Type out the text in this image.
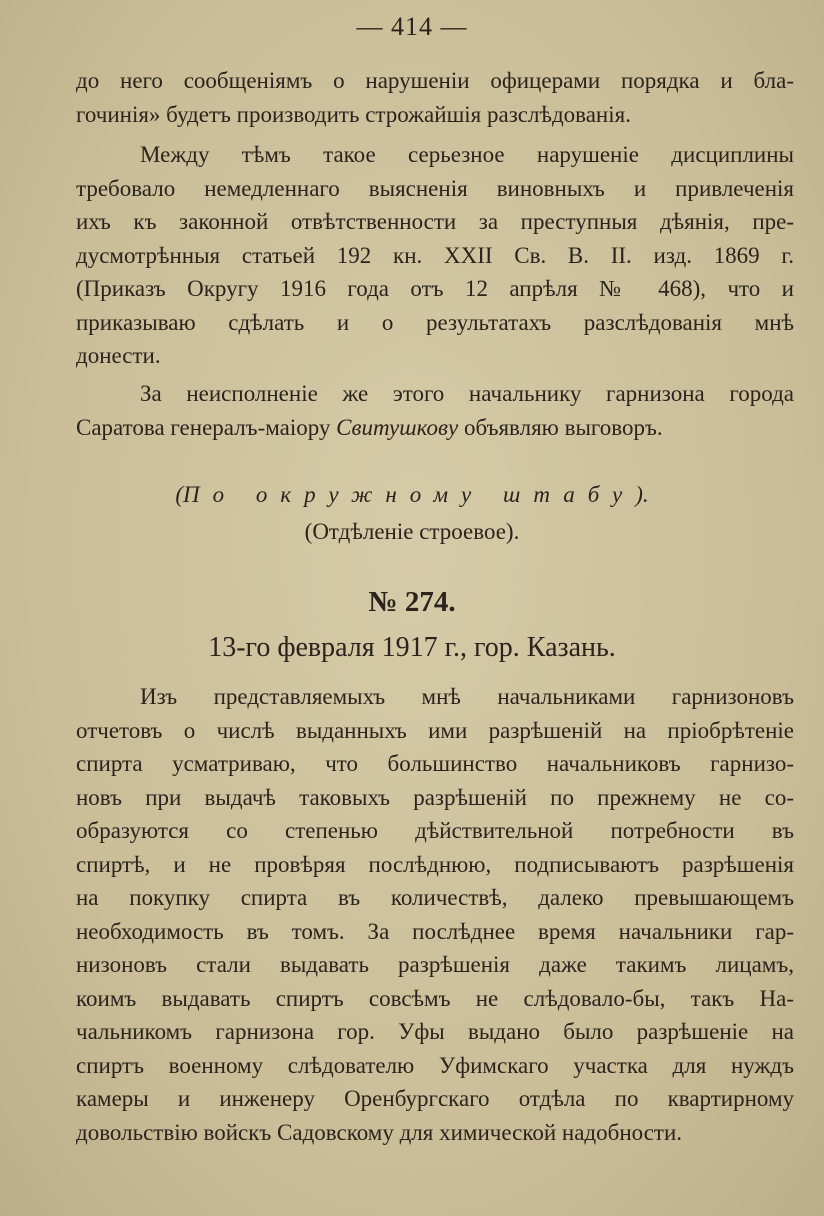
— 414 —

до него сообщеніямъ о нарушеніи офицерами порядка и бла-
гочинія» будетъ производить строжайшія разслѣдованія.

Между тѣмъ такое серьезное нарушеніе дисциплины
требовало немедленнаго выясненія виновныхъ и привлеченія
ихъ къ законной отвѣтственности за преступныя дѣянія, пре-
дусмотрѣнныя статьей 192 кн. XXII Св. В. II. изд. 1869 г.
(Приказъ Округу 1916 года отъ 12 апрѣля № 468), что и
приказываю сдѣлать и о результатахъ разслѣдованія мнѣ
донести.

За неисполненіе же этого начальнику гарнизона города
Саратова генералъ-маіору Свитушкову объявляю выговоръ.

(По окружному штабу).
(Отдѣленіе строевое).
№ 274.
13-го февраля 1917 г., гор. Казань.

Изъ представляемыхъ мнѣ начальниками гарнизоновъ
отчетовъ о числѣ выданныхъ ими разрѣшеній на пріобрѣтеніе
спирта усматриваю, что большинство начальниковъ гарнизо-
новъ при выдачѣ таковыхъ разрѣшеній по прежнему не со-
образуются со степенью дѣйствительной потребности въ
спиртѣ, и не провѣряя послѣднюю, подписываютъ разрѣшенія
на покупку спирта въ количествѣ, далеко превышающемъ
необходимость въ томъ. За послѣднее время начальники гар-
низоновъ стали выдавать разрѣшенія даже такимъ лицамъ,
коимъ выдавать спиртъ совсѣмъ не слѣдовало-бы, такъ На-
чальникомъ гарнизона гор. Уфы выдано было разрѣшеніе на
спиртъ военному слѣдователю Уфимскаго участка для нуждъ
камеры и инженеру Оренбургскаго отдѣла по квартирному
довольствію войскъ Садовскому для химической надобности.
